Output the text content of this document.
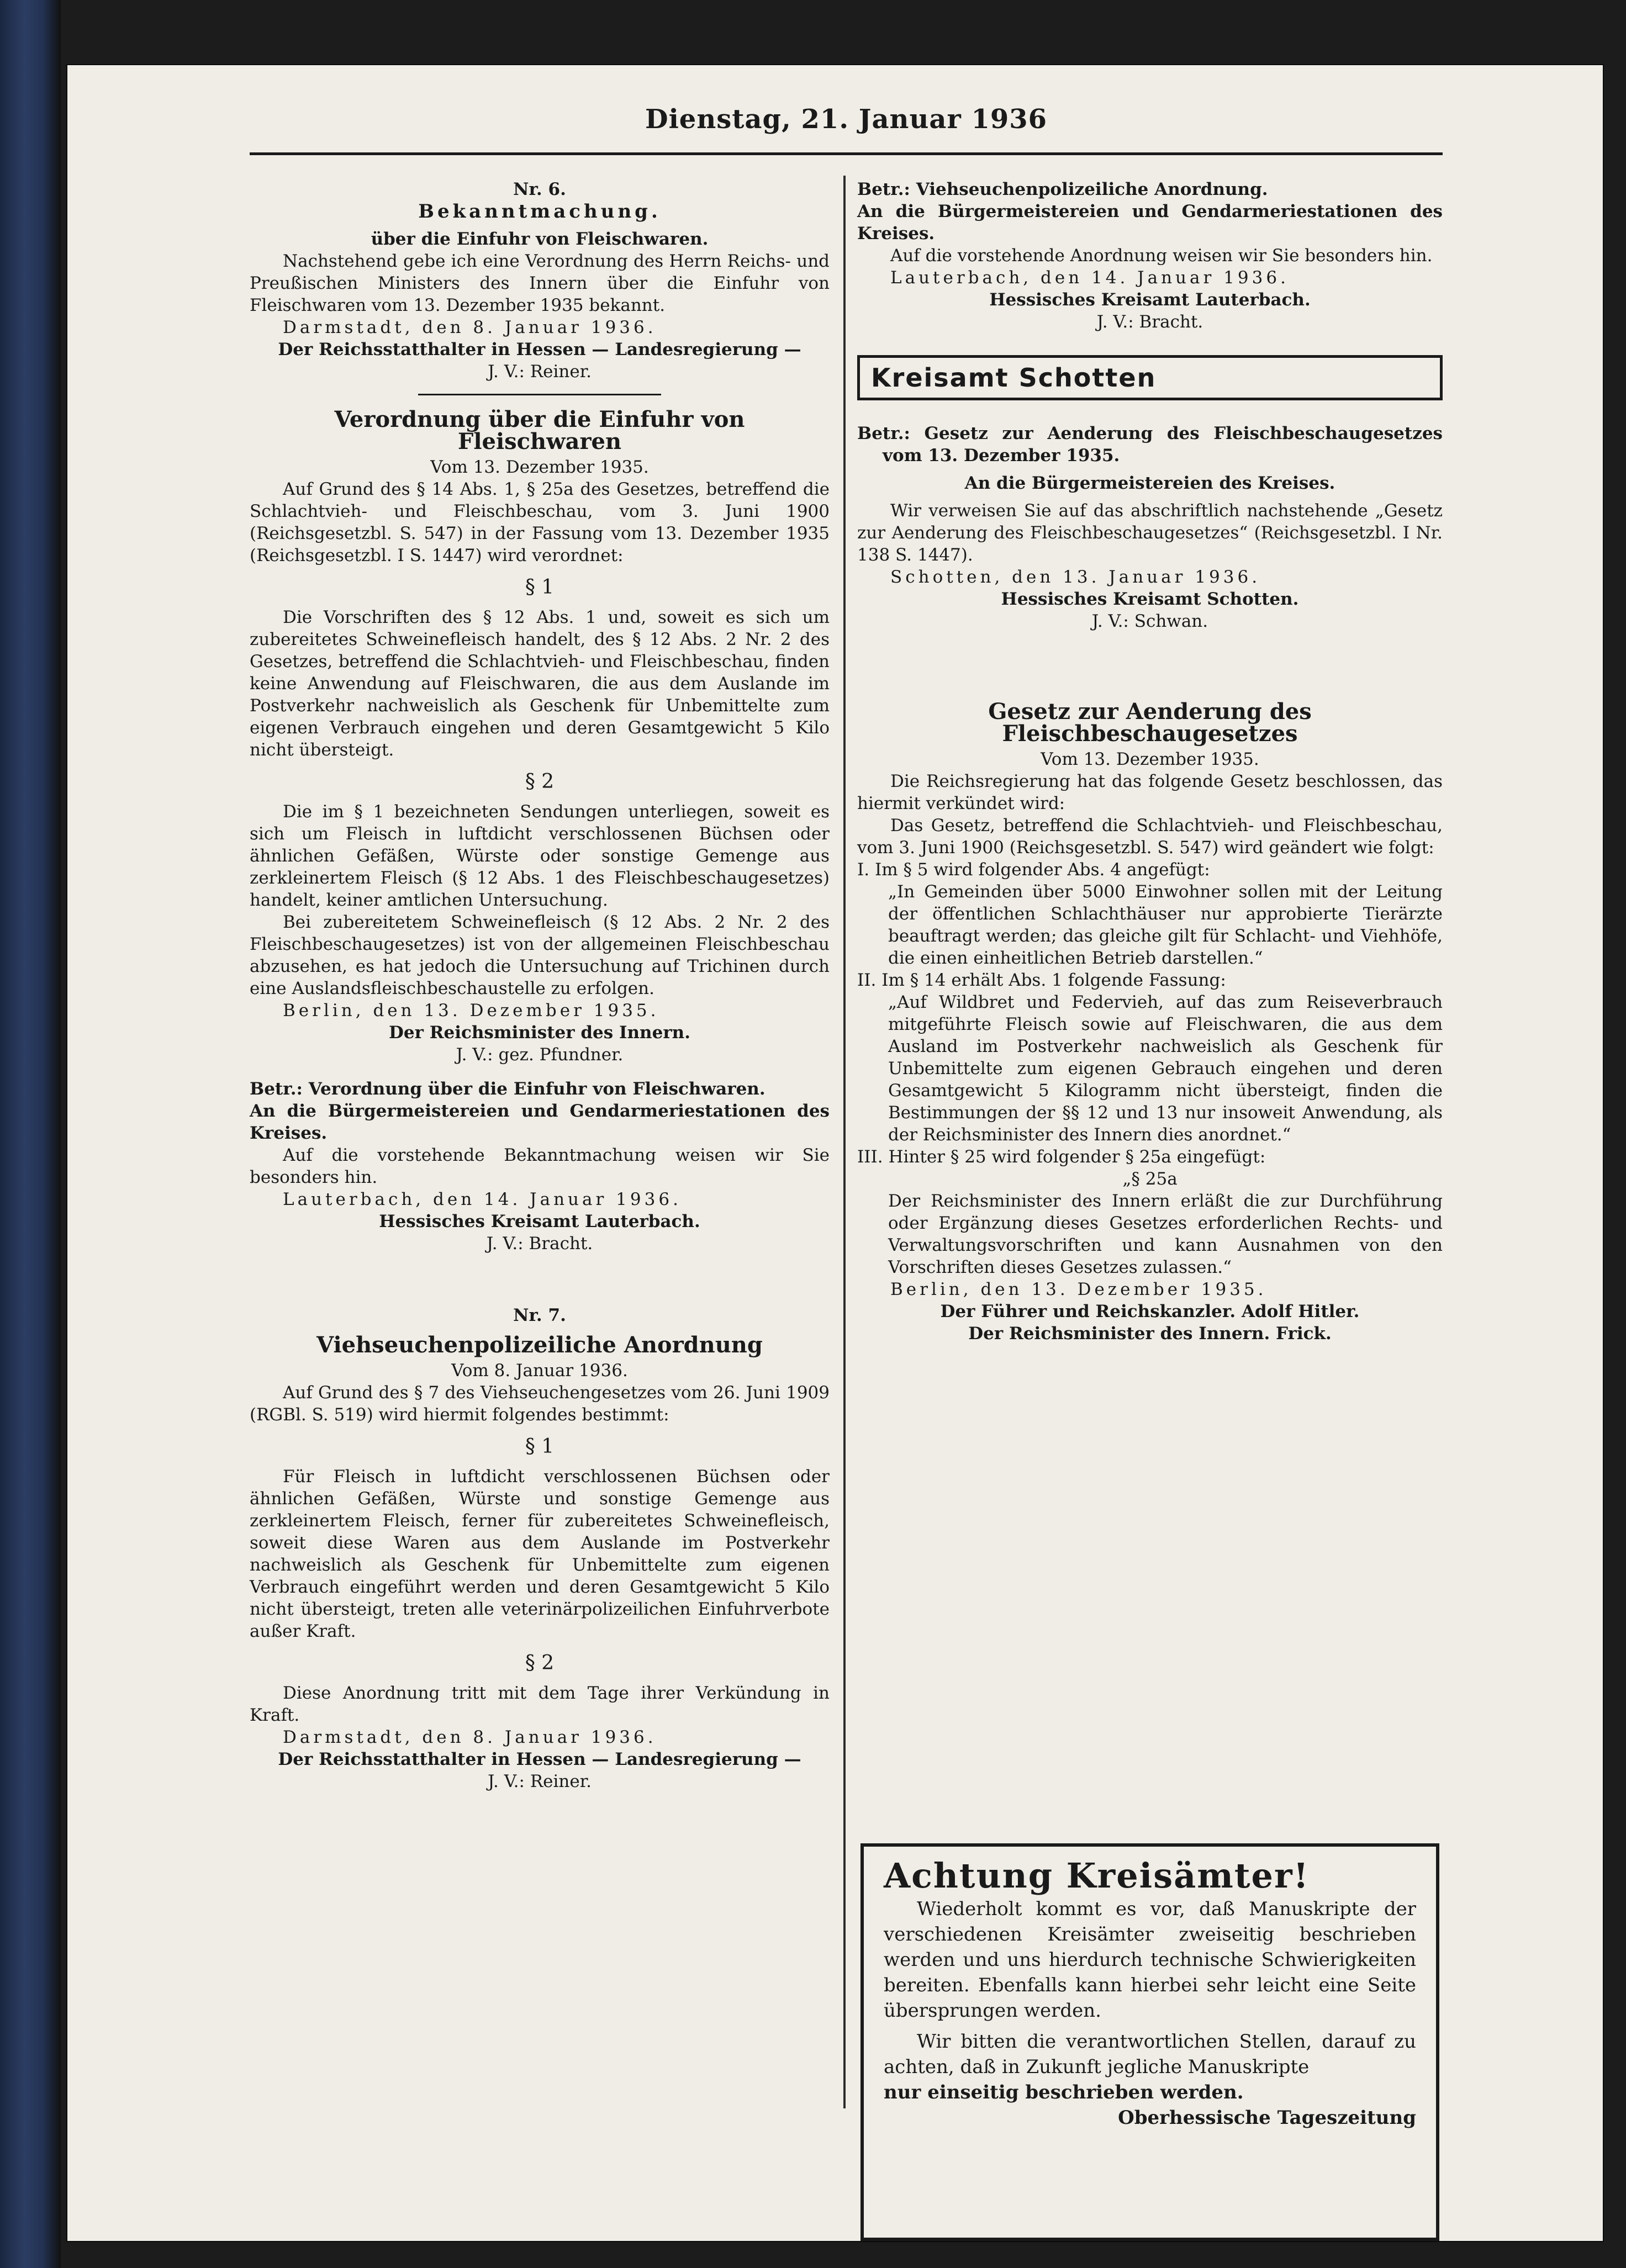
Dienstag, 21. Januar 1936

Nr. 6.

Bekanntmachung.

über die Einfuhr von Fleischwaren.

Nachstehend gebe ich eine Verordnung des Herrn Reichs- und Preußischen Ministers des Innern über die Einfuhr von Fleischwaren vom 13. Dezember 1935 bekannt.

Darmstadt, den 8. Januar 1936.

Der Reichsstatthalter in Hessen — Landesregierung —

J. V.: Reiner.

Verordnung über die Einfuhr von Fleischwaren

Vom 13. Dezember 1935.

Auf Grund des § 14 Abs. 1, § 25a des Gesetzes, betreffend die Schlachtvieh- und Fleischbeschau, vom 3. Juni 1900 (Reichsgesetzbl. S. 547) in der Fassung vom 13. Dezember 1935 (Reichsgesetzbl. I S. 1447) wird verordnet:

§ 1

Die Vorschriften des § 12 Abs. 1 und, soweit es sich um zubereitetes Schweinefleisch handelt, des § 12 Abs. 2 Nr. 2 des Gesetzes, betreffend die Schlachtvieh- und Fleischbeschau, finden keine Anwendung auf Fleischwaren, die aus dem Auslande im Postverkehr nachweislich als Geschenk für Unbemittelte zum eigenen Verbrauch eingehen und deren Gesamtgewicht 5 Kilo nicht übersteigt.

§ 2

Die im § 1 bezeichneten Sendungen unterliegen, soweit es sich um Fleisch in luftdicht verschlossenen Büchsen oder ähnlichen Gefäßen, Würste oder sonstige Gemenge aus zerkleinertem Fleisch (§ 12 Abs. 1 des Fleischbeschaugesetzes) handelt, keiner amtlichen Untersuchung.

Bei zubereitetem Schweinefleisch (§ 12 Abs. 2 Nr. 2 des Fleischbeschaugesetzes) ist von der allgemeinen Fleischbeschau abzusehen, es hat jedoch die Untersuchung auf Trichinen durch eine Auslandsfleischbeschaustelle zu erfolgen.

Berlin, den 13. Dezember 1935.

Der Reichsminister des Innern.

J. V.: gez. Pfundner.

Betr.: Verordnung über die Einfuhr von Fleischwaren.

An die Bürgermeistereien und Gendarmeriestationen des Kreises.

Auf die vorstehende Bekanntmachung weisen wir Sie besonders hin.

Lauterbach, den 14. Januar 1936.

Hessisches Kreisamt Lauterbach.

J. V.: Bracht.

Nr. 7.

Viehseuchenpolizeiliche Anordnung

Vom 8. Januar 1936.

Auf Grund des § 7 des Viehseuchengesetzes vom 26. Juni 1909 (RGBl. S. 519) wird hiermit folgendes bestimmt:

§ 1

Für Fleisch in luftdicht verschlossenen Büchsen oder ähnlichen Gefäßen, Würste und sonstige Gemenge aus zerkleinertem Fleisch, ferner für zubereitetes Schweinefleisch, soweit diese Waren aus dem Auslande im Postverkehr nachweislich als Geschenk für Unbemittelte zum eigenen Verbrauch eingeführt werden und deren Gesamtgewicht 5 Kilo nicht übersteigt, treten alle veterinärpolizeilichen Einfuhrverbote außer Kraft.

§ 2

Diese Anordnung tritt mit dem Tage ihrer Verkündung in Kraft.

Darmstadt, den 8. Januar 1936.

Der Reichsstatthalter in Hessen — Landesregierung —

J. V.: Reiner.

Betr.: Viehseuchenpolizeiliche Anordnung.

An die Bürgermeistereien und Gendarmeriestationen des Kreises.

Auf die vorstehende Anordnung weisen wir Sie besonders hin.

Lauterbach, den 14. Januar 1936.

Hessisches Kreisamt Lauterbach.

J. V.: Bracht.

Kreisamt Schotten

Betr.: Gesetz zur Aenderung des Fleischbeschaugesetzes vom 13. Dezember 1935.

An die Bürgermeistereien des Kreises.

Wir verweisen Sie auf das abschriftlich nachstehende „Gesetz zur Aenderung des Fleischbeschaugesetzes“ (Reichsgesetzbl. I Nr. 138 S. 1447).

Schotten, den 13. Januar 1936.

Hessisches Kreisamt Schotten.

J. V.: Schwan.

Gesetz zur Aenderung des Fleischbeschaugesetzes

Vom 13. Dezember 1935.

Die Reichsregierung hat das folgende Gesetz beschlossen, das hiermit verkündet wird:

Das Gesetz, betreffend die Schlachtvieh- und Fleischbeschau, vom 3. Juni 1900 (Reichsgesetzbl. S. 547) wird geändert wie folgt:

I. Im § 5 wird folgender Abs. 4 angefügt:

„In Gemeinden über 5000 Einwohner sollen mit der Leitung der öffentlichen Schlachthäuser nur approbierte Tierärzte beauftragt werden; das gleiche gilt für Schlacht- und Viehhöfe, die einen einheitlichen Betrieb darstellen.“

II. Im § 14 erhält Abs. 1 folgende Fassung:

„Auf Wildbret und Federvieh, auf das zum Reiseverbrauch mitgeführte Fleisch sowie auf Fleischwaren, die aus dem Ausland im Postverkehr nachweislich als Geschenk für Unbemittelte zum eigenen Gebrauch eingehen und deren Gesamtgewicht 5 Kilogramm nicht übersteigt, finden die Bestimmungen der §§ 12 und 13 nur insoweit Anwendung, als der Reichsminister des Innern dies anordnet.“

III. Hinter § 25 wird folgender § 25a eingefügt:

„§ 25a

Der Reichsminister des Innern erläßt die zur Durchführung oder Ergänzung dieses Gesetzes erforderlichen Rechts- und Verwaltungsvorschriften und kann Ausnahmen von den Vorschriften dieses Gesetzes zulassen.“

Berlin, den 13. Dezember 1935.

Der Führer und Reichskanzler. Adolf Hitler.

Der Reichsminister des Innern. Frick.

Achtung Kreisämter!

Wiederholt kommt es vor, daß Manuskripte der verschiedenen Kreisämter zweiseitig beschrieben werden und uns hierdurch technische Schwierigkeiten bereiten. Ebenfalls kann hierbei sehr leicht eine Seite übersprungen werden.

Wir bitten die verantwortlichen Stellen, darauf zu achten, daß in Zukunft jegliche Manuskripte

nur einseitig beschrieben werden.

Oberhessische Tageszeitung
